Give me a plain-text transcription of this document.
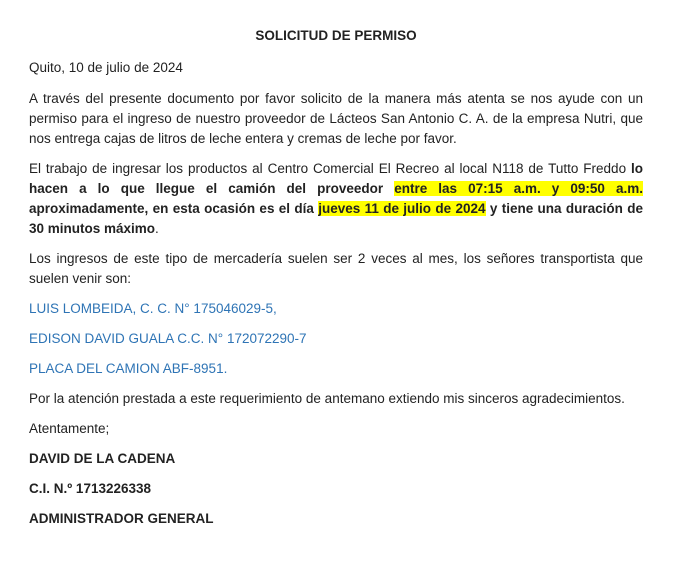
SOLICITUD DE PERMISO

Quito, 10 de julio de 2024

A través del presente documento por favor solicito de la manera más atenta se nos ayude con un permiso para el ingreso de nuestro proveedor de Lácteos San Antonio C. A. de la empresa Nutri, que nos entrega cajas de litros de leche entera y cremas de leche por favor.

El trabajo de ingresar los productos al Centro Comercial El Recreo al local N118 de Tutto Freddo lo hacen a lo que llegue el camión del proveedor entre las 07:15 a.m. y 09:50 a.m. aproximadamente, en esta ocasión es el día jueves 11 de julio de 2024 y tiene una duración de 30 minutos máximo.

Los ingresos de este tipo de mercadería suelen ser 2 veces al mes, los señores transportista que suelen venir son:

LUIS LOMBEIDA, C. C. N° 175046029-5,

EDISON DAVID GUALA C.C. N° 172072290-7

PLACA DEL CAMION ABF-8951.

Por la atención prestada a este requerimiento de antemano extiendo mis sinceros agradecimientos.

Atentamente;

DAVID DE LA CADENA

C.I. N.º 1713226338

ADMINISTRADOR GENERAL
